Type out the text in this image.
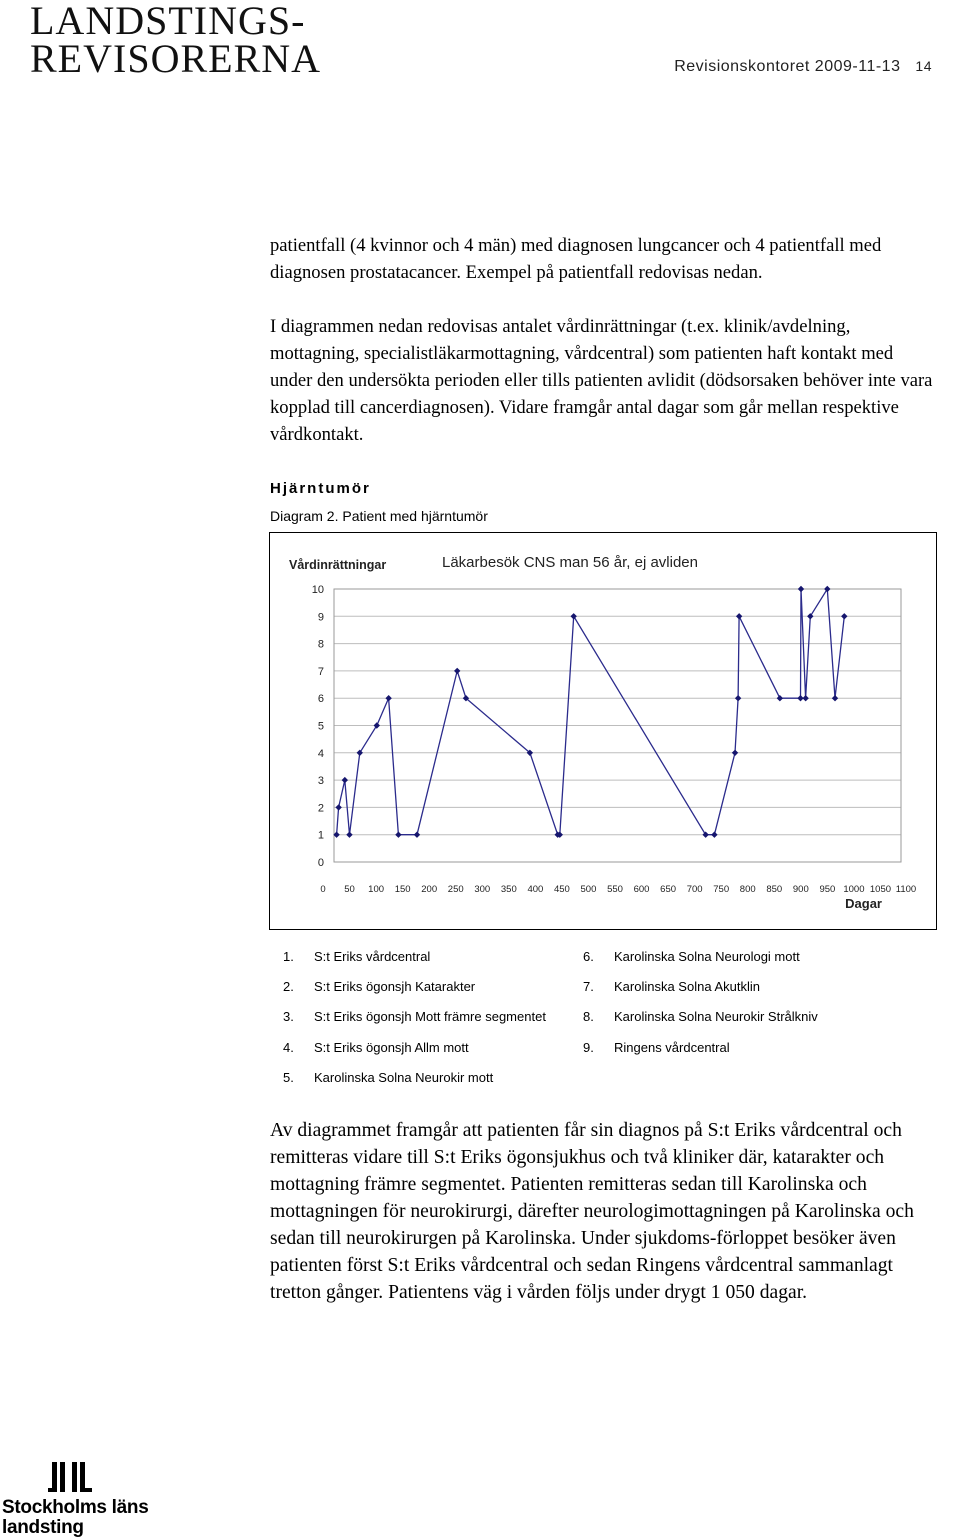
LANDSTINGS-
REVISORERNA	Revisionskontoret 2009-11-13 14
patientfall (4 kvinnor och 4 män) med diagnosen lungcancer och 4 patientfall med diagnosen prostatacancer. Exempel på patientfall redovisas nedan.
I diagrammen nedan redovisas antalet vårdinrättningar (t.ex. klinik/avdelning, mottagning, specialistläkarmottagning, vårdcentral) som patienten haft kontakt med under den undersökta perioden eller tills patienten avlidit (dödsorsaken behöver inte vara kopplad till cancerdiagnosen). Vidare framgår antal dagar som går mellan respektive vårdkontakt.
Hjärntumör
Diagram 2. Patient med hjärntumör
Vårdinrättningar	Läkarbesök CNS man 56 år, ej avliden
0
1
2
3
4
5
6
7
8
9
10
0 50 100 150 200 250 300 350 400 450 500 550 600 650 700 750 800 850 900 950 1000 1050 1100
Dagar
1. S:t Eriks vårdcentral
2. S:t Eriks ögonsjh Katarakter
3. S:t Eriks ögonsjh Mott främre segmentet
4. S:t Eriks ögonsjh Allm mott
5. Karolinska Solna Neurokir mott
6. Karolinska Solna Neurologi mott
7. Karolinska Solna Akutklin
8. Karolinska Solna Neurokir Strålkniv
9. Ringens vårdcentral
Av diagrammet framgår att patienten får sin diagnos på S:t Eriks vårdcentral och remitteras vidare till S:t Eriks ögonsjukhus och två kliniker där, katarakter och mottagning främre segmentet. Patienten remitteras sedan till Karolinska och mottagningen för neurokirurgi, därefter neurologimottagningen på Karolinska och sedan till neurokirurgen på Karolinska. Under sjukdoms-förloppet besöker även patienten först S:t Eriks vårdcentral och sedan Ringens vårdcentral sammanlagt tretton gånger. Patientens väg i vården följs under drygt 1 050 dagar.
Stockholms läns
landsting
